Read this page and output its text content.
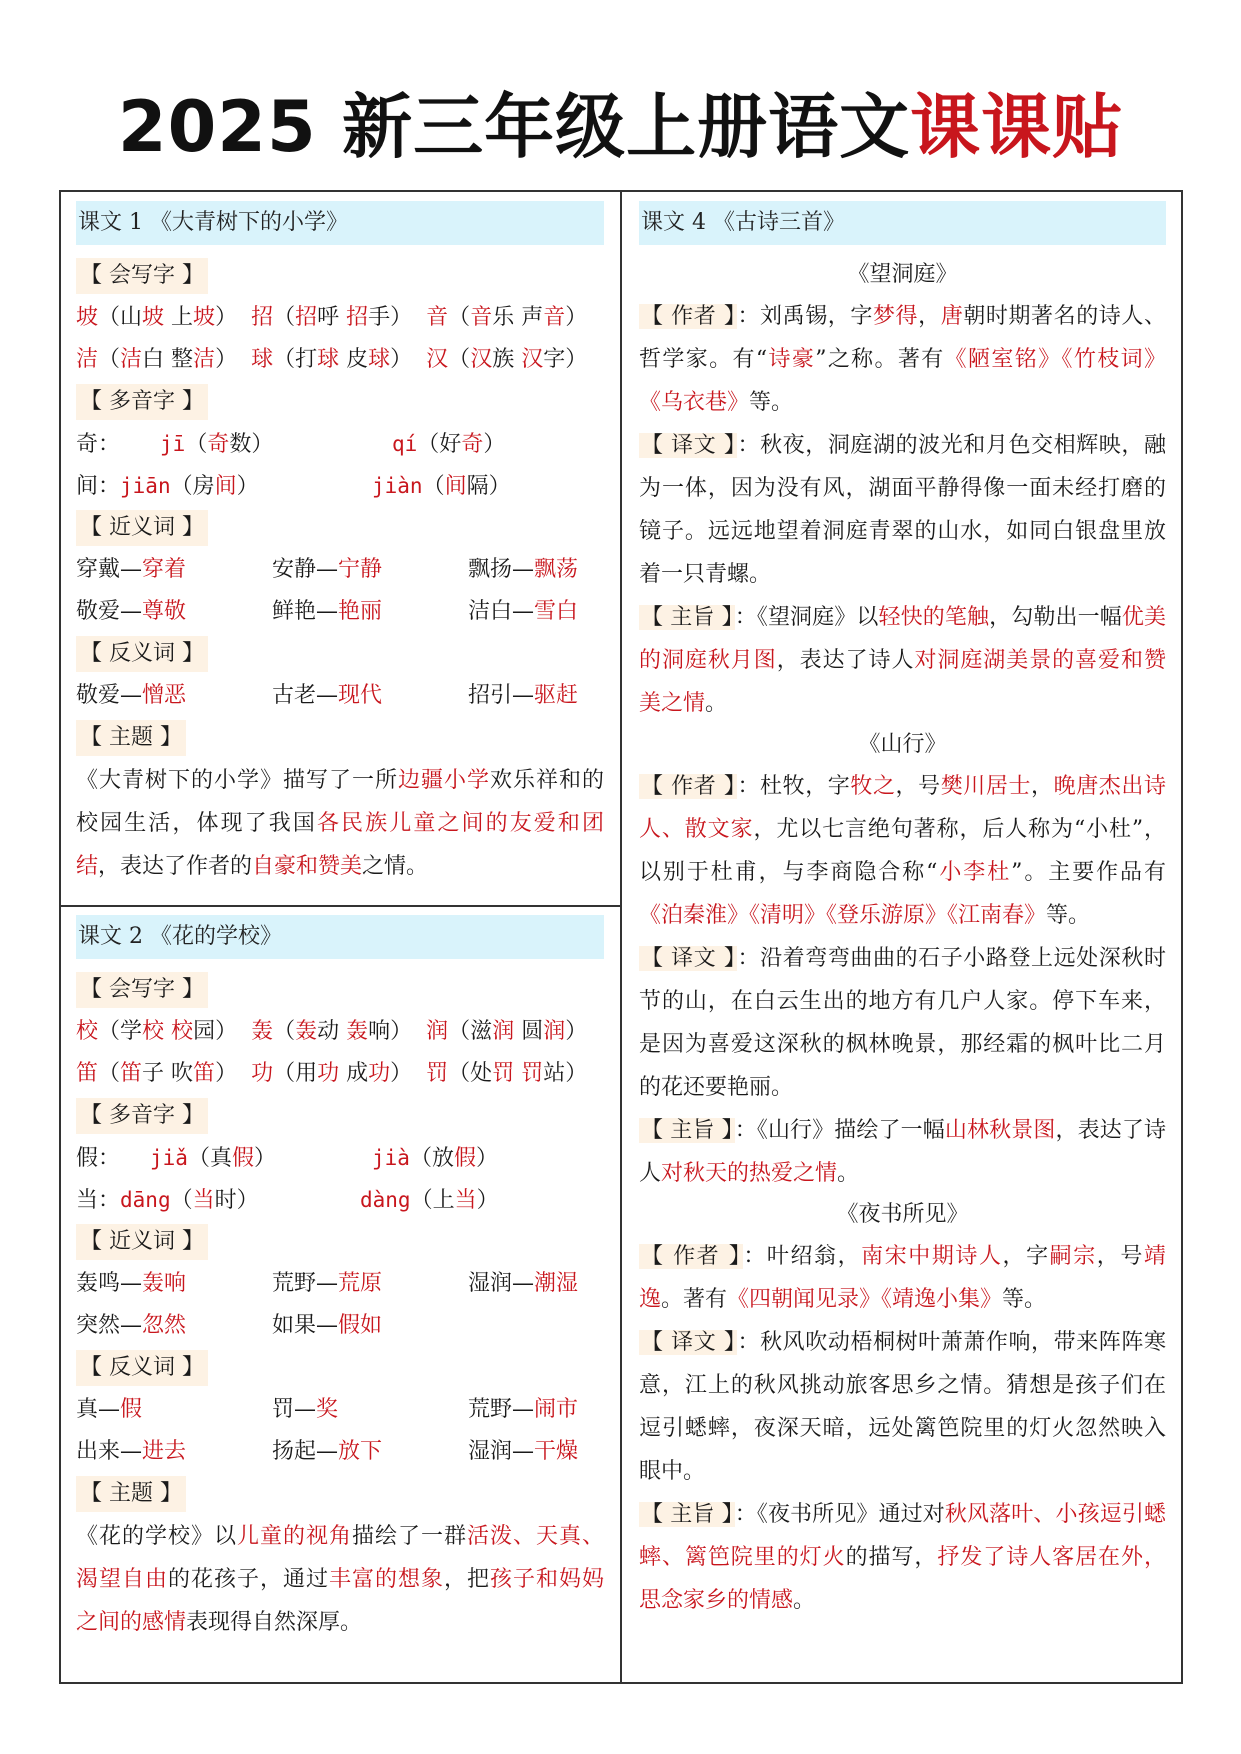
2025 新三年级上册语文课课贴
课文 1 《大青树下的小学》
【 会写字 】
坡（山坡 上坡） 招（招呼 招手） 音（音乐 声音）
洁（洁白 整洁） 球（打球 皮球） 汉（汉族 汉字）
【 多音字 】
奇： jī（奇数）	qí（好奇）
间：jiān（房间）	jiàn（间隔）
【 近义词 】
穿戴—穿着	安静—宁静	飘扬—飘荡
敬爱—尊敬	鲜艳—艳丽	洁白—雪白
【 反义词 】
敬爱—憎恶	古老—现代	招引—驱赶
【 主题 】

《大青树下的小学》描写了一所边疆小学欢乐祥和的校园生活，体现了我国各民族儿童之间的友爱和团结，表达了作者的自豪和赞美之情。

课文 2 《花的学校》
【 会写字 】
校（学校 校园） 轰（轰动 轰响） 润（滋润 圆润）
笛（笛子 吹笛） 功（用功 成功） 罚（处罚 罚站）
【 多音字 】
假： jiǎ（真假）	jià（放假）
当：dāng（当时）	dàng（上当）
【 近义词 】
轰鸣—轰响	荒野—荒原	湿润—潮湿
突然—忽然	如果—假如
【 反义词 】
真—假	罚—奖	荒野—闹市
出来—进去	扬起—放下	湿润—干燥
【 主题 】

《花的学校》以儿童的视角描绘了一群活泼、天真、渴望自由的花孩子，通过丰富的想象，把孩子和妈妈之间的感情表现得自然深厚。

课文 4 《古诗三首》
《望洞庭》

【 作者 】：刘禹锡，字梦得，唐朝时期著名的诗人、哲学家。有“诗豪”之称。著有《陋室铭》《竹枝词》《乌衣巷》等。

【 译文 】：秋夜，洞庭湖的波光和月色交相辉映，融为一体，因为没有风，湖面平静得像一面未经打磨的镜子。远远地望着洞庭青翠的山水，如同白银盘里放着一只青螺。

【 主旨 】：《望洞庭》以轻快的笔触，勾勒出一幅优美的洞庭秋月图，表达了诗人对洞庭湖美景的喜爱和赞美之情。

《山行》

【 作者 】：杜牧，字牧之，号樊川居士，晚唐杰出诗人、散文家，尤以七言绝句著称，后人称为“小杜”，以别于杜甫，与李商隐合称“小李杜”。主要作品有《泊秦淮》《清明》《登乐游原》《江南春》等。

【 译文 】：沿着弯弯曲曲的石子小路登上远处深秋时节的山，在白云生出的地方有几户人家。停下车来，是因为喜爱这深秋的枫林晚景，那经霜的枫叶比二月的花还要艳丽。

【 主旨 】：《山行》描绘了一幅山林秋景图，表达了诗人对秋天的热爱之情。

《夜书所见》

【 作者 】：叶绍翁，南宋中期诗人，字嗣宗，号靖逸。著有《四朝闻见录》《靖逸小集》等。

【 译文 】：秋风吹动梧桐树叶萧萧作响，带来阵阵寒意，江上的秋风挑动旅客思乡之情。猜想是孩子们在逗引蟋蟀，夜深天暗，远处篱笆院里的灯火忽然映入眼中。

【 主旨 】：《夜书所见》通过对秋风落叶、小孩逗引蟋蟀、篱笆院里的灯火的描写，抒发了诗人客居在外，思念家乡的情感。
